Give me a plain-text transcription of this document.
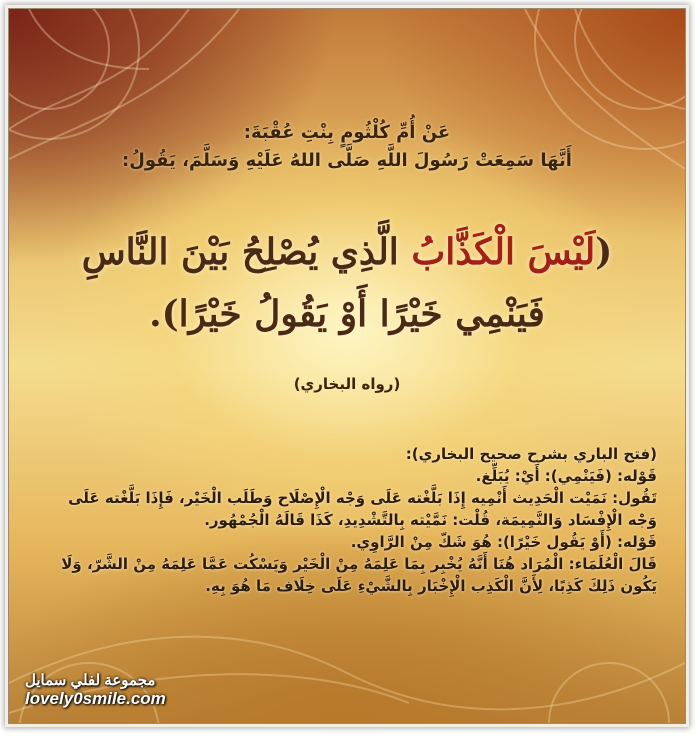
عَنْ أُمِّ كُلْثُومٍ بِنْتِ عُقْبَةَ:
أَنَّهَا سَمِعَتْ رَسُولَ اللَّهِ صَلَّى اللهُ عَلَيْهِ وَسَلَّمَ، يَقُولُ:
(لَيْسَ الْكَذَّابُ الَّذِي يُصْلِحُ بَيْنَ النَّاسِ
فَيَنْمِي خَيْرًا أَوْ يَقُولُ خَيْرًا).
(رواه البخاري)

(فتح الباري بشرح صحيح البخاري):

قَوْله: (فَيَنْمِي): أَيْ: يُبَلِّغ.

تَقُول: نَمَيْت الْحَدِيث أَنْمِيه إِذَا بَلَّغْته عَلَى وَجْه الْإِصْلَاح وَطَلَب الْخَيْر، فَإِذَا بَلَّغْته عَلَى

وَجْه الْإِفْسَاد وَالنَّمِيمَة، قُلْت: نَمَّيْته بِالتَّشْدِيدِ، كَذَا قَالَهُ الْجُمْهُور.

قَوْله: (أَوْ يَقُول خَيْرًا): هُوَ شَكّ مِنْ الرَّاوِي.

قَالَ الْعُلَمَاء: الْمُرَاد هُنَا أَنَّهُ يُخْبِر بِمَا عَلِمَهُ مِنْ الْخَيْر وَيَسْكُت عَمَّا عَلِمَهُ مِنْ الشَّرّ، وَلَا

يَكُون ذَلِكَ كَذِبًا، لِأَنَّ الْكَذِب الْإِخْبَار بِالشَّيْءِ عَلَى خِلَاف مَا هُوَ بِهِ.

مجموعة لفلي سمايل
lovely0smile.com
